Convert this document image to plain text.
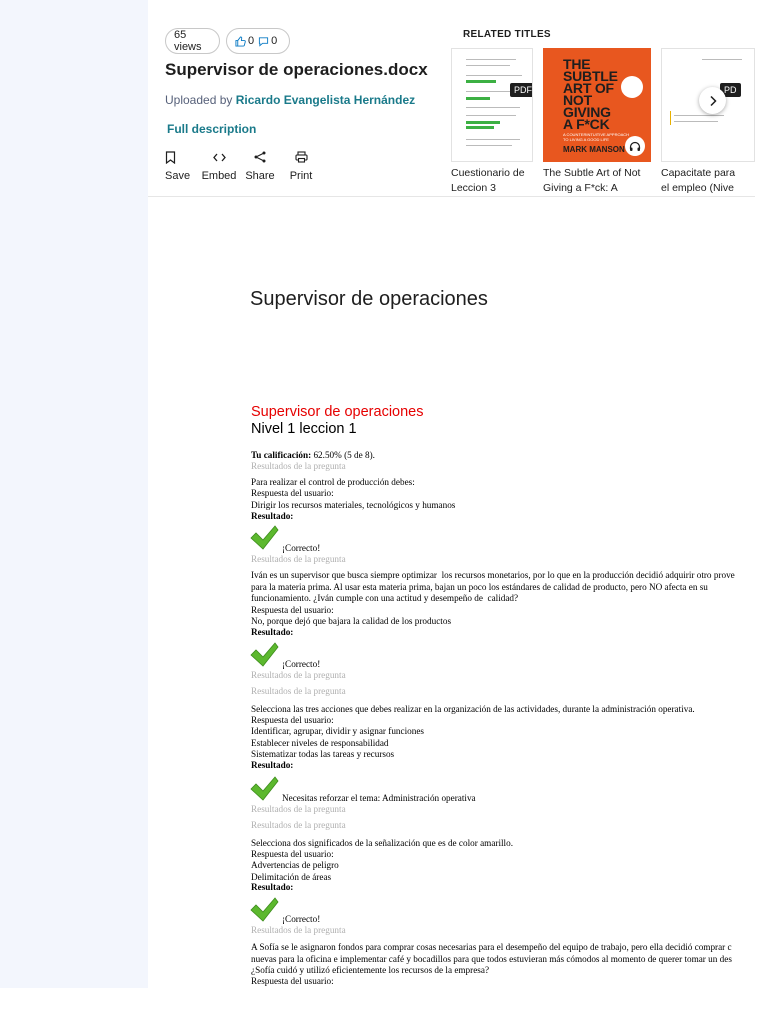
65 views	0 0
Supervisor de operaciones.docx
Uploaded by Ricardo Evangelista Hernández
Full description
Save Embed Share Print
RELATED TITLES
PDF
THE
SUBTLE
ART OF
NOT
GIVING
A F*CK
A COUNTERINTUITIVE APPROACH TO LIVING A GOOD LIFE
MARK MANSON
PD
Cuestionario de Leccion 3
The Subtle Art of Not Giving a F*ck: A
Capacitate para el empleo (Nive
Supervisor de operaciones
Supervisor de operaciones
Nivel 1 leccion 1
Tu calificación: 62.50% (5 de 8).
Resultados de la pregunta
Para realizar el control de producción debes:
Respuesta del usuario:
Dirigir los recursos materiales, tecnológicos y humanos
Resultado:
¡Correcto!
Resultados de la pregunta
Iván es un supervisor que busca siempre optimizar  los recursos monetarios, por lo que en la producción decidió adquirir otro prove
para la materia prima. Al usar esta materia prima, bajan un poco los estándares de calidad de producto, pero NO afecta en su
funcionamiento. ¿Iván cumple con una actitud y desempeño de  calidad?
Respuesta del usuario:
No, porque dejó que bajara la calidad de los productos
Resultado:
¡Correcto!
Resultados de la pregunta
Resultados de la pregunta
Selecciona las tres acciones que debes realizar en la organización de las actividades, durante la administración operativa.
Respuesta del usuario:
Identificar, agrupar, dividir y asignar funciones
Establecer niveles de responsabilidad
Sistematizar todas las tareas y recursos
Resultado:
Necesitas reforzar el tema: Administración operativa
Resultados de la pregunta
Resultados de la pregunta
Selecciona dos significados de la señalización que es de color amarillo.
Respuesta del usuario:
Advertencias de peligro
Delimitación de áreas
Resultado:
¡Correcto!
Resultados de la pregunta
A Sofía se le asignaron fondos para comprar cosas necesarias para el desempeño del equipo de trabajo, pero ella decidió comprar c
nuevas para la oficina e implementar café y bocadillos para que todos estuvieran más cómodos al momento de querer tomar un des
¿Sofía cuidó y utilizó eficientemente los recursos de la empresa?
Respuesta del usuario:
